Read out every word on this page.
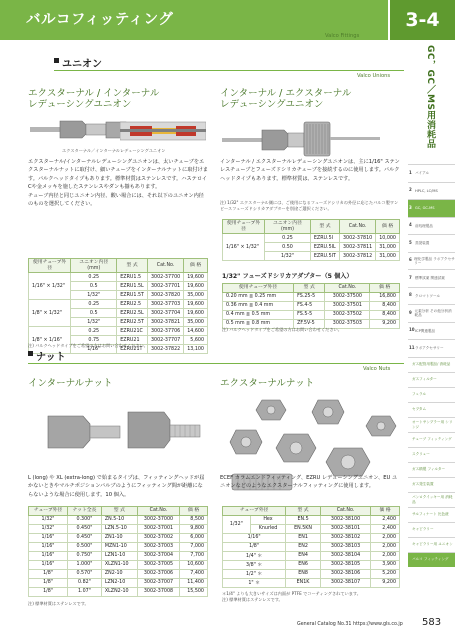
バルコフィッティング
Valco Fittings
3-4
GC，GC／MS用消耗品
1 バイアル
2 HPLC, LC/MS
3 GC, GC-MS
4 前処理製品
5 蒸発装置
6 理化学製品 ラボアクセサリー
7 標準試薬 関連試薬
8 クロマトツール
9 元素分析 その他分析消耗品
10 ICP関連製品
11 ラボアクセサリー
ガス配管用製品/ 消耗品
ガスフィルター
フェラル
セプタム
オートサンプラー用 シリンジ
チューブ フィッティング
スクリュー
ガス精製 フィルター
ガス発生装置
パンロクイッキー用 消耗品
サルフィナート 比色液
キャピラリー
キャピラリー用 ユニオン
バルコ フィッティング
ユニオン
Valco Unions
エクスターナル / インターナル
レデューシングユニオン
インターナル / エクスターナル
レデューシングユニオン
エクスターナル／インターナルレデューシングユニオン
エクスターナル/インターナルレデューシングユニオンは、太いチューブをエクスターナルナットに取付け、細いチューブをインターナルナットに取付けます。バルクヘッドタイプもあります。標準材質はステンレスです。ハステロイCや金メッキを施したステンレスやダンも揃もあります。
チューブ内径と同じユニオン内径、酸い場合には、それ以下のユニオン内径のものを選択してください。
インターナル / エクスターナルレデューシングユニオンは、主に1/16" ステンレスチューブとフューズドシリカチューブを接続するのに使用します。バルクヘッドタイプもあります。標準材質は、ステンレスです。
注) 1/32" エクスターナル側には、ご使用になるフューズドシリカの外径に応じたバルコ製ワンピースフューズドシリカアダプターを別途ご選択ください。
使用チューブ外径	ユニオン内径(mm)	型 式	Cat.No.	価 格
1/16" × 1/32"	0.25	EZRU1.5	3002-37700	19,600
	0.5	EZRU1.5L	3002-37701	19,600
	1/32"	EZRU1.5T	3002-37820	35,000
1/8" × 1/32"	0.25	EZRU2.5	3002-37703	19,600
	0.5	EZRU2.5L	3002-37704	19,600
	1/32"	EZRU2.5T	3002-37821	35,000
1/8" × 1/16"	0.25	EZRU21C	3002-37706	14,600
	0.75	EZRU21	3002-37707	5,600
	1/16"	EZRU21T	3002-37822	13,100
注) バルクヘッドタイプをご希望の方はお問い合わせください。
使用チューブ外径	ユニオン内径(mm)	型 式	Cat.No.	価 格
1/16" × 1/32"	0.25	EZRU.5I	3002-37810	10,000
	0.50	EZRU.5IL	3002-37811	31,000
	1/32"	EZRU.5IT	3002-37812	31,000
1/32" フューズドシリカアダプター（5 個入）
使用チューブ外径	型 式	Cat.No.	価 格
0.20 mm ≦ 0.25 mm	FS.25-5	3002-37500	16,800
0.36 mm ≦ 0.4 mm	FS.4-5	3002-37501	8,400
0.4 mm ≦ 0.5 mm	FS.5-5	3002-37502	8,400
0.5 mm ≦ 0.8 mm	ZF.5V-5	3002-37503	9,200
注) バルクヘッドタイプをご希望の方はお問い合わせください。
ナット
Valco Nuts
インターナルナット	エクスターナルナット
L (long) や XL (extra-long) で始まるタイプは、フィッティングヘッドが届かないときやマルチポジションバルブのようにフィッティング間が距離にならないような場合に使用します。10 個入。
ECEF カラムエンドフィッティング、EZRU レデューシングユニオン、EU ユニオンなどのようなエクスターナルフィッティングに使用します。
チューブ外径	ナット全長	型 式	Cat.No.	価 格
1/32"	0.300"	ZN.5-10	3002-37000	8,500
1/32"	0.450"	LZN.5-10	3002-37001	9,800
1/16"	0.450"	ZN1-10	3002-37002	6,000
1/16"	0.500"	MZN1-10	3002-37003	7,000
1/16"	0.750"	LZN1-10	3002-37004	7,700
1/16"	1.000"	XLZN1-10	3002-37005	10,600
1/8"	0.570"	ZN2-10	3002-37006	7,400
1/8"	0.82"	LZN2-10	3002-37007	11,400
1/8"	1.07"	XLZN2-10	3002-37008	15,500
注) 標準材質はステンレスです。
チューブ外径		型 式	Cat.No.	価 格
1/32"	Hex	EN.5	3002-38100	2,400
	Knurled	EN.5KN	3002-38101	2,400
1/16"		EN1	3002-38102	2,000
1/8"		EN2	3002-38103	2,000
1/4" ＊		EN4	3002-38104	2,000
3/8" ＊		EN6	3002-38105	3,900
1/2" ＊		EN8	3002-38106	5,200
1" ＊		EN1K	3002-38107	9,200
＊1/4" よりも大きいサイズは内面が PTFE でコーティングされています。
注) 標準材質はステンレスです。
General Catalog No.31 https://www.gls.co.jp 583
